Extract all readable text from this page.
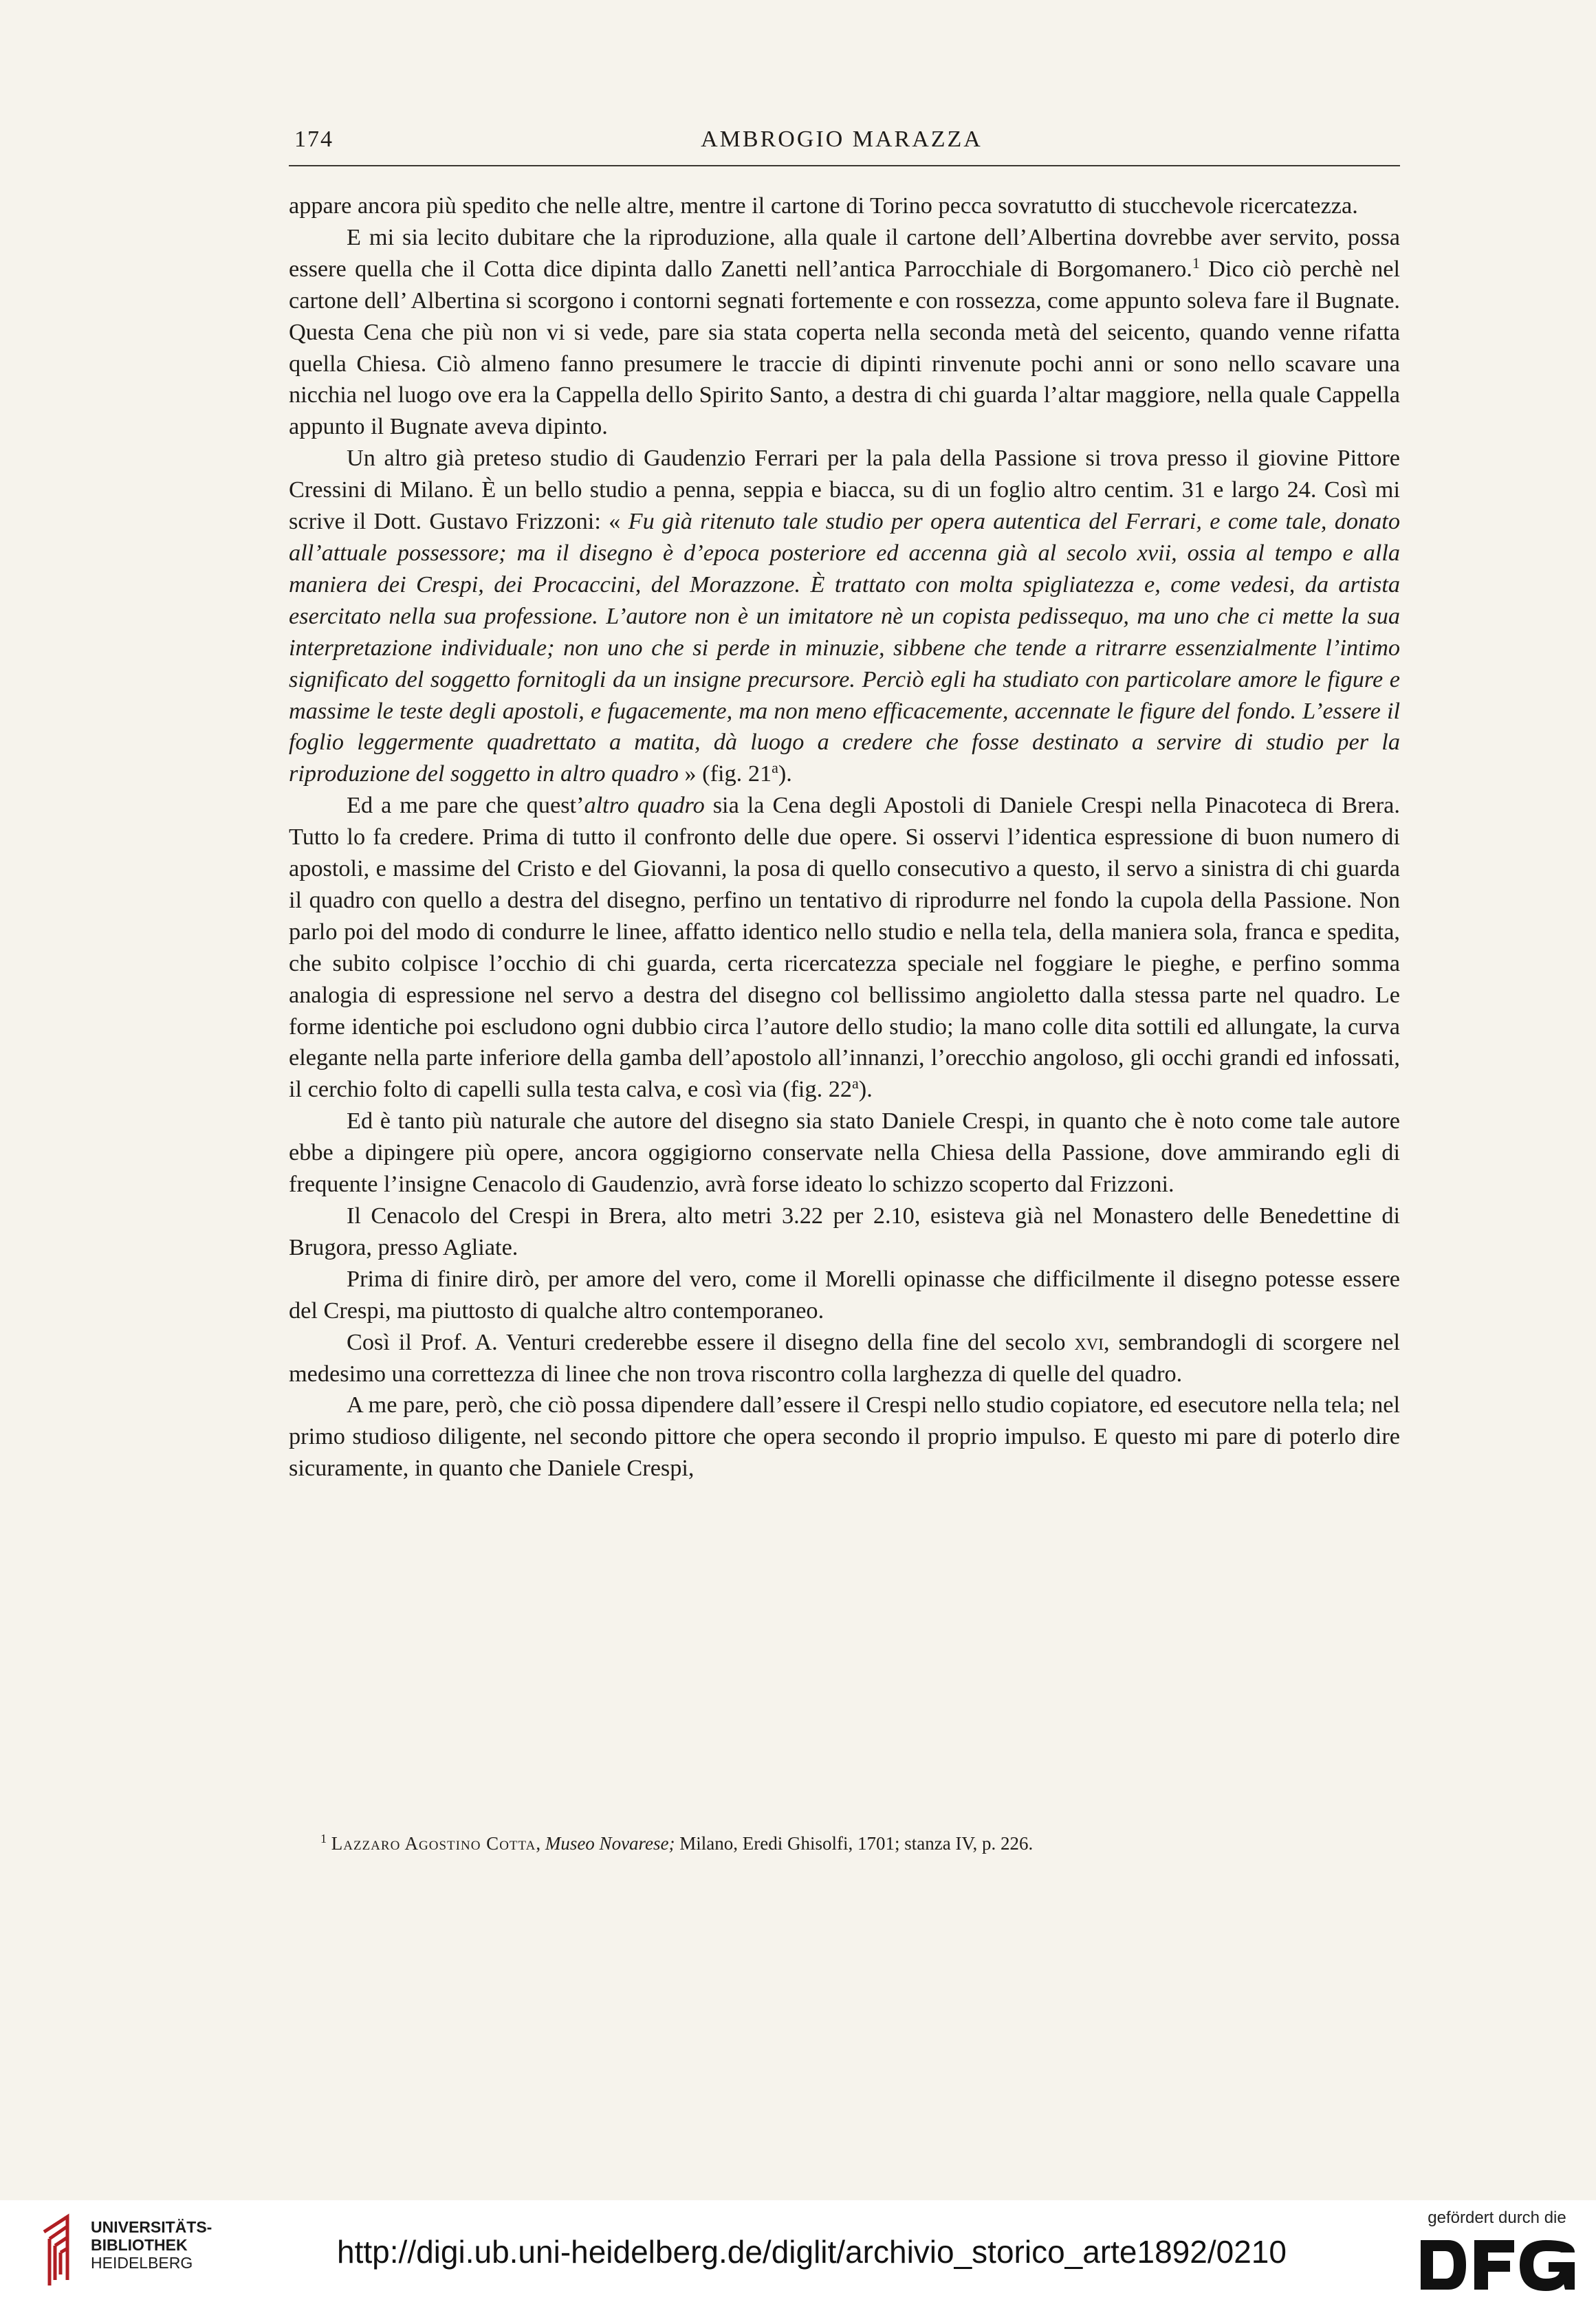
174	AMBROGIO MARAZZA

appare ancora più spedito che nelle altre, mentre il cartone di Torino pecca sovratutto di stucchevole ricercatezza.

E mi sia lecito dubitare che la riproduzione, alla quale il cartone dell’Albertina dovrebbe aver servito, possa essere quella che il Cotta dice dipinta dallo Zanetti nell’antica Parrocchiale di Borgomanero.$^1$ Dico ciò perchè nel cartone dell’ Albertina si scorgono i contorni segnati fortemente e con rossezza, come appunto soleva fare il Bugnate. Questa Cena che più non vi si vede, pare sia stata coperta nella seconda metà del seicento, quando venne rifatta quella Chiesa. Ciò almeno fanno presumere le traccie di dipinti rinvenute pochi anni or sono nello scavare una nicchia nel luogo ove era la Cappella dello Spirito Santo, a destra di chi guarda l’altar maggiore, nella quale Cappella appunto il Bugnate aveva dipinto.

Un altro già preteso studio di Gaudenzio Ferrari per la pala della Passione si trova presso il giovine Pittore Cressini di Milano. È un bello studio a penna, seppia e biacca, su di un foglio altro centim. 31 e largo 24. Così mi scrive il Dott. Gustavo Frizzoni: « Fu già ritenuto tale studio per opera autentica del Ferrari, e come tale, donato all’attuale possessore; ma il disegno è d’epoca posteriore ed accenna già al secolo xvii, ossia al tempo e alla maniera dei Crespi, dei Procaccini, del Morazzone. È trattato con molta spigliatezza e, come vedesi, da artista esercitato nella sua professione. L’autore non è un imitatore nè un copista pedissequo, ma uno che ci mette la sua interpretazione individuale; non uno che si perde in minuzie, sibbene che tende a ritrarre essenzialmente l’intimo significato del soggetto fornitogli da un insigne precursore. Perciò egli ha studiato con particolare amore le figure e massime le teste degli apostoli, e fugacemente, ma non meno efficacemente, accennate le figure del fondo. L’essere il foglio leggermente quadrettato a matita, dà luogo a credere che fosse destinato a servire di studio per la riproduzione del soggetto in altro quadro » (fig. 21$^a$).

Ed a me pare che quest’altro quadro sia la Cena degli Apostoli di Daniele Crespi nella Pinacoteca di Brera. Tutto lo fa credere. Prima di tutto il confronto delle due opere. Si osservi l’identica espressione di buon numero di apostoli, e massime del Cristo e del Giovanni, la posa di quello consecutivo a questo, il servo a sinistra di chi guarda il quadro con quello a destra del disegno, perfino un tentativo di riprodurre nel fondo la cupola della Passione. Non parlo poi del modo di condurre le linee, affatto identico nello studio e nella tela, della maniera sola, franca e spedita, che subito colpisce l’occhio di chi guarda, certa ricercatezza speciale nel foggiare le pieghe, e perfino somma analogia di espressione nel servo a destra del disegno col bellissimo angioletto dalla stessa parte nel quadro. Le forme identiche poi escludono ogni dubbio circa l’autore dello studio; la mano colle dita sottili ed allungate, la curva elegante nella parte inferiore della gamba dell’apostolo all’innanzi, l’orecchio angoloso, gli occhi grandi ed infossati, il cerchio folto di capelli sulla testa calva, e così via (fig. 22$^a$).

Ed è tanto più naturale che autore del disegno sia stato Daniele Crespi, in quanto che è noto come tale autore ebbe a dipingere più opere, ancora oggigiorno conservate nella Chiesa della Passione, dove ammirando egli di frequente l’insigne Cenacolo di Gaudenzio, avrà forse ideato lo schizzo scoperto dal Frizzoni.

Il Cenacolo del Crespi in Brera, alto metri 3.22 per 2.10, esisteva già nel Monastero delle Benedettine di Brugora, presso Agliate.

Prima di finire dirò, per amore del vero, come il Morelli opinasse che difficilmente il disegno potesse essere del Crespi, ma piuttosto di qualche altro contemporaneo.

Così il Prof. A. Venturi crederebbe essere il disegno della fine del secolo xvi, sembrandogli di scorgere nel medesimo una correttezza di linee che non trova riscontro colla larghezza di quelle del quadro.

A me pare, però, che ciò possa dipendere dall’essere il Crespi nello studio copiatore, ed esecutore nella tela; nel primo studioso diligente, nel secondo pittore che opera secondo il proprio impulso. E questo mi pare di poterlo dire sicuramente, in quanto che Daniele Crespi,

$^1$ Lazzaro Agostino Cotta, Museo Novarese; Milano, Eredi Ghisolfi, 1701; stanza IV, p. 226.
UNIVERSITÄTS-
BIBLIOTHEK
HEIDELBERG	http://digi.ub.uni-heidelberg.de/diglit/archivio_storico_arte1892/0210
gefördert durch die
